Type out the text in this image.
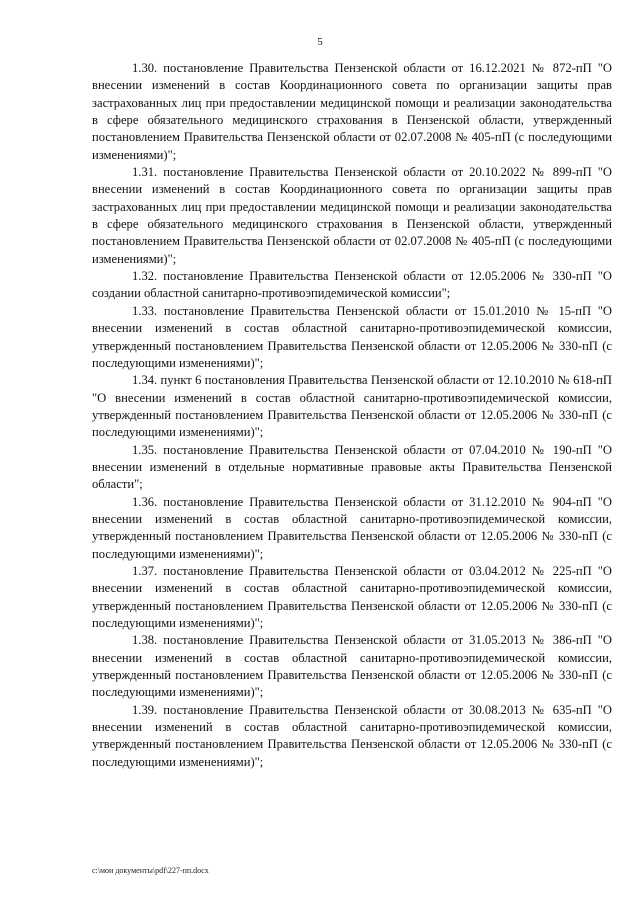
5

1.30. постановление Правительства Пензенской области от 16.12.2021 № 872-пП "О внесении изменений в состав Координационного совета по организации защиты прав застрахованных лиц при предоставлении медицинской помощи и реализации законодательства в сфере обязательного медицинского страхования в Пензенской области, утвержденный постановлением Правительства Пензенской области от 02.07.2008 № 405-пП (с последующими изменениями)";

1.31. постановление Правительства Пензенской области от 20.10.2022 № 899-пП "О внесении изменений в состав Координационного совета по организации защиты прав застрахованных лиц при предоставлении медицинской помощи и реализации законодательства в сфере обязательного медицинского страхования в Пензенской области, утвержденный постановлением Правительства Пензенской области от 02.07.2008 № 405-пП (с последующими изменениями)";

1.32. постановление Правительства Пензенской области от 12.05.2006 № 330-пП "О создании областной санитарно-противоэпидемической комиссии";

1.33. постановление Правительства Пензенской области от 15.01.2010 № 15-пП "О внесении изменений в состав областной санитарно-противоэпидемической комиссии, утвержденный постановлением Правительства Пензенской области от 12.05.2006 № 330-пП (с последующими изменениями)";

1.34. пункт 6 постановления Правительства Пензенской области от 12.10.2010 № 618-пП "О внесении изменений в состав областной санитарно-противоэпидемической комиссии, утвержденный постановлением Правительства Пензенской области от 12.05.2006 № 330-пП (с последующими изменениями)";

1.35. постановление Правительства Пензенской области от 07.04.2010 № 190-пП "О внесении изменений в отдельные нормативные правовые акты Правительства Пензенской области";

1.36. постановление Правительства Пензенской области от 31.12.2010 № 904-пП "О внесении изменений в состав областной санитарно-противоэпидемической комиссии, утвержденный постановлением Правительства Пензенской области от 12.05.2006 № 330-пП (с последующими изменениями)";

1.37. постановление Правительства Пензенской области от 03.04.2012 № 225-пП "О внесении изменений в состав областной санитарно-противоэпидемической комиссии, утвержденный постановлением Правительства Пензенской области от 12.05.2006 № 330-пП (с последующими изменениями)";

1.38. постановление Правительства Пензенской области от 31.05.2013 № 386-пП "О внесении изменений в состав областной санитарно-противоэпидемической комиссии, утвержденный постановлением Правительства Пензенской области от 12.05.2006 № 330-пП (с последующими изменениями)";

1.39. постановление Правительства Пензенской области от 30.08.2013 № 635-пП "О внесении изменений в состав областной санитарно-противоэпидемической комиссии, утвержденный постановлением Правительства Пензенской области от 12.05.2006 № 330-пП (с последующими изменениями)";

c:\мои документы\pdf\227-пп.docx
